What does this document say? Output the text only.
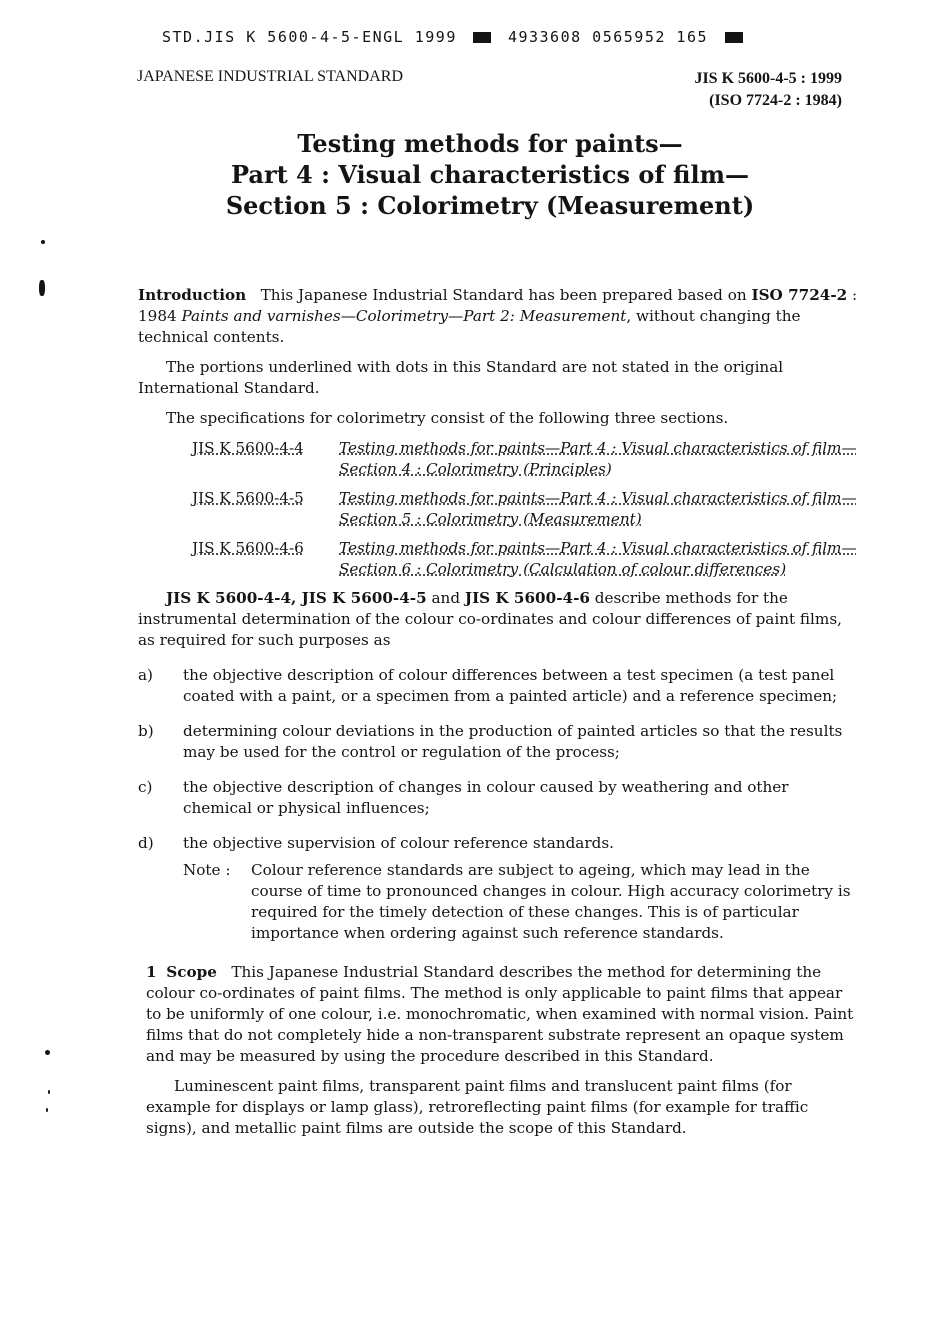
STD.JIS K 5600-4-5-ENGL 1999	4933608 0565952 165
JAPANESE INDUSTRIAL STANDARD	JIS K 5600-4-5 : 1999
(ISO 7724-2 : 1984)
Testing methods for paints—
Part 4 : Visual characteristics of film—
Section 5 : Colorimetry (Measurement)

Introduction This Japanese Industrial Standard has been prepared based on ISO 7724-2 : 1984 Paints and varnishes—Colorimetry—Part 2: Measurement, without changing the technical contents.

The portions underlined with dots in this Standard are not stated in the original International Standard.

The specifications for colorimetry consist of the following three sections.

JIS K 5600-4-4	Testing methods for paints—Part 4 : Visual characteristics of film—Section 4 : Colorimetry (Principles)
JIS K 5600-4-5	Testing methods for paints—Part 4 : Visual characteristics of film—Section 5 : Colorimetry (Measurement)
JIS K 5600-4-6	Testing methods for paints—Part 4 : Visual characteristics of film—Section 6 : Colorimetry (Calculation of colour differences)

JIS K 5600-4-4, JIS K 5600-4-5 and JIS K 5600-4-6 describe methods for the instrumental determination of the colour co-ordinates and colour differences of paint films, as required for such purposes as

a)	the objective description of colour differences between a test specimen (a test panel coated with a paint, or a specimen from a painted article) and a reference specimen;
b)	determining colour deviations in the production of painted articles so that the results may be used for the control or regulation of the process;
c)	the objective description of changes in colour caused by weathering and other chemical or physical influences;
d)	the objective supervision of colour reference standards.
Note :	Colour reference standards are subject to ageing, which may lead in the course of time to pronounced changes in colour. High accuracy colorimetry is required for the timely detection of these changes. This is of particular importance when ordering against such reference standards.

1 Scope This Japanese Industrial Standard describes the method for determining the colour co-ordinates of paint films. The method is only applicable to paint films that appear to be uniformly of one colour, i.e. monochromatic, when examined with normal vision. Paint films that do not completely hide a non-transparent substrate represent an opaque system and may be measured by using the procedure described in this Standard.

Luminescent paint films, transparent paint films and translucent paint films (for example for displays or lamp glass), retroreflecting paint films (for example for traffic signs), and metallic paint films are outside the scope of this Standard.
